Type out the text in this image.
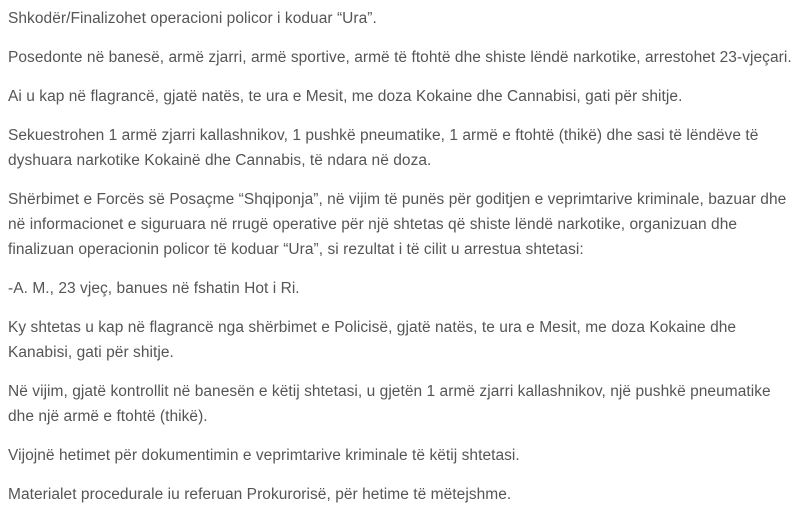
Shkodër/Finalizohet operacioni policor i koduar “Ura”.

Posedonte në banesë, armë zjarri, armë sportive, armë të ftohtë dhe shiste lëndë narkotike, arrestohet 23-vjeçari.

Ai u kap në flagrancë, gjatë natës, te ura e Mesit, me doza Kokaine dhe Cannabisi, gati për shitje.

Sekuestrohen 1 armë zjarri kallashnikov, 1 pushkë pneumatike, 1 armë e ftohtë (thikë) dhe sasi të lëndëve të dyshuara narkotike Kokainë dhe Cannabis, të ndara në doza.

Shërbimet e Forcës së Posaçme “Shqiponja”, në vijim të punës për goditjen e veprimtarive kriminale, bazuar dhe në informacionet e siguruara në rrugë operative për një shtetas që shiste lëndë narkotike, organizuan dhe finalizuan operacionin policor të koduar “Ura”, si rezultat i të cilit u arrestua shtetasi:

-A. M., 23 vjeç, banues në fshatin Hot i Ri.

Ky shtetas u kap në flagrancë nga shërbimet e Policisë, gjatë natës, te ura e Mesit, me doza Kokaine dhe Kanabisi, gati për shitje.

Në vijim, gjatë kontrollit në banesën e këtij shtetasi, u gjetën 1 armë zjarri kallashnikov, një pushkë pneumatike dhe një armë e ftohtë (thikë).

Vijojnë hetimet për dokumentimin e veprimtarive kriminale të këtij shtetasi.

Materialet procedurale iu referuan Prokurorisë, për hetime të mëtejshme.
